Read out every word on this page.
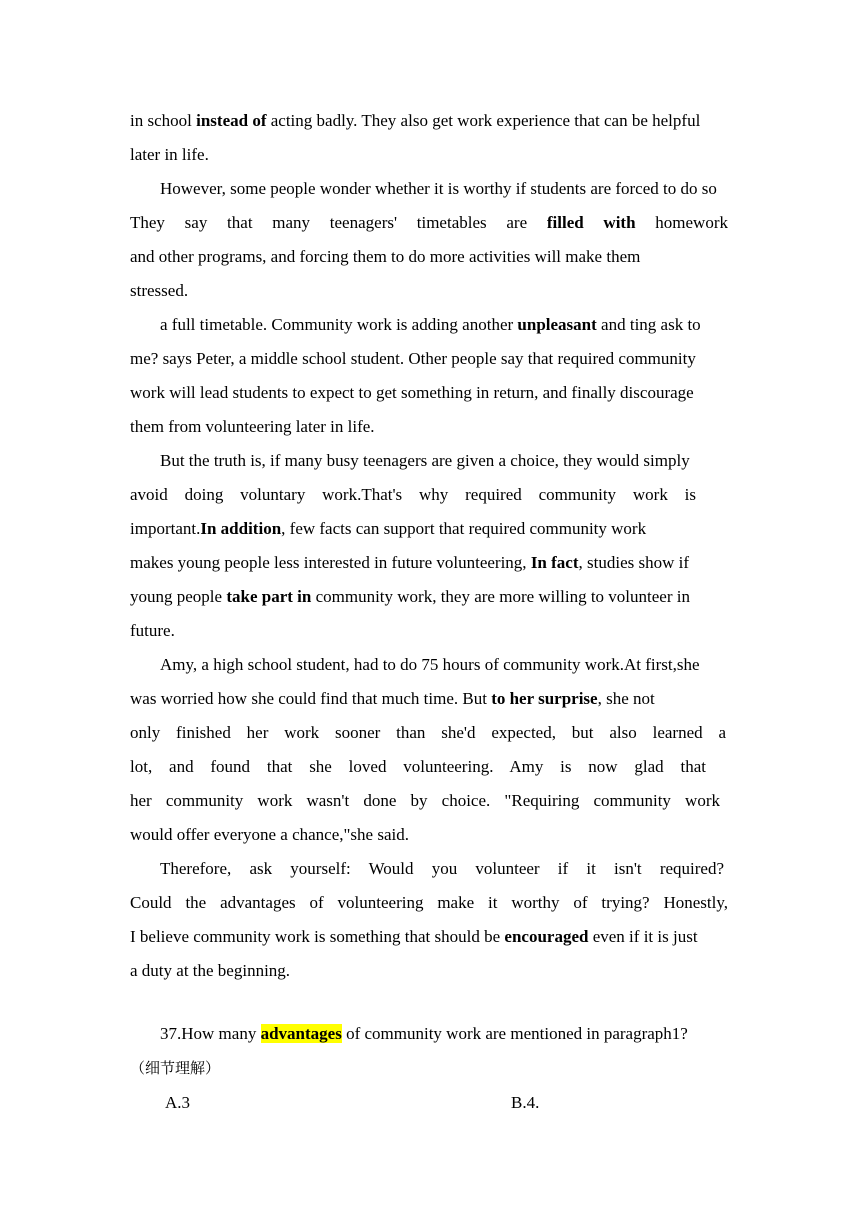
in school instead of acting badly. They also get work experience that can be helpful
later in life.
However, some people wonder whether it is worthy if students are forced to do so
They say that many teenagers' timetables are filled with homework
and other programs, and forcing them to do more activities will make them
stressed.
a full timetable. Community work is adding another unpleasant and ting ask to
me? says Peter, a middle school student. Other people say that required community
work will lead students to expect to get something in return, and finally discourage
them from volunteering later in life.
But the truth is, if many busy teenagers are given a choice, they would simply
avoid doing voluntary work.That's why required community work is
important.In addition, few facts can support that required community work
makes young people less interested in future volunteering, In fact, studies show if
young people take part in community work, they are more willing to volunteer in
future.
Amy, a high school student, had to do 75 hours of community work.At first,she
was worried how she could find that much time. But to her surprise, she not
only finished her work sooner than she'd expected, but also learned a
lot, and found that she loved volunteering. Amy is now glad that
her community work wasn't done by choice. "Requiring community work
would offer everyone a chance,"she said.
Therefore, ask yourself: Would you volunteer if it isn't required?
Could the advantages of volunteering make it worthy of trying? Honestly,
I believe community work is something that should be encouraged even if it is just
a duty at the beginning.
37.How many advantages of community work are mentioned in paragraph1?
（细节理解）
A.3	B.4.
